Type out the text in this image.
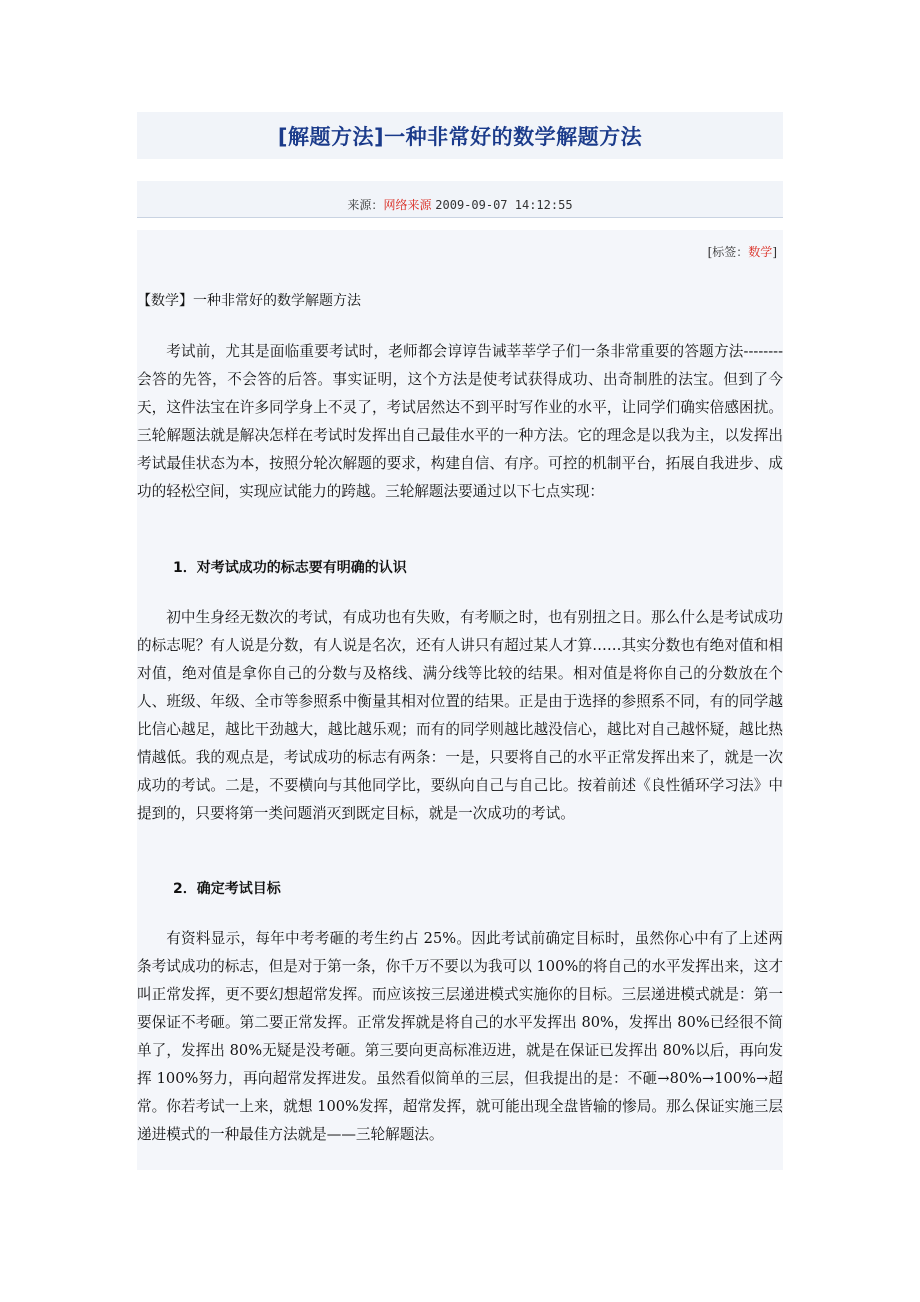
[解题方法]一种非常好的数学解题方法
来源：网络来源 2009-09-07 14:12:55
[标签：数学]
【数学】一种非常好的数学解题方法

考试前，尤其是面临重要考试时，老师都会谆谆告诫莘莘学子们一条非常重要的答题方法--------会答的先答，不会答的后答。事实证明，这个方法是使考试获得成功、出奇制胜的法宝。但到了今天，这件法宝在许多同学身上不灵了，考试居然达不到平时写作业的水平，让同学们确实倍感困扰。三轮解题法就是解决怎样在考试时发挥出自己最佳水平的一种方法。它的理念是以我为主，以发挥出考试最佳状态为本，按照分轮次解题的要求，构建自信、有序。可控的机制平台，拓展自我进步、成功的轻松空间，实现应试能力的跨越。三轮解题法要通过以下七点实现：

1．对考试成功的标志要有明确的认识

初中生身经无数次的考试，有成功也有失败，有考顺之时，也有别扭之日。那么什么是考试成功的标志呢？有人说是分数，有人说是名次，还有人讲只有超过某人才算……其实分数也有绝对值和相对值，绝对值是拿你自己的分数与及格线、满分线等比较的结果。相对值是将你自己的分数放在个人、班级、年级、全市等参照系中衡量其相对位置的结果。正是由于选择的参照系不同，有的同学越比信心越足，越比干劲越大，越比越乐观；而有的同学则越比越没信心，越比对自己越怀疑，越比热情越低。我的观点是，考试成功的标志有两条：一是，只要将自己的水平正常发挥出来了，就是一次成功的考试。二是，不要横向与其他同学比，要纵向自己与自己比。按着前述《良性循环学习法》中提到的，只要将第一类问题消灭到既定目标，就是一次成功的考试。

2．确定考试目标

有资料显示，每年中考考砸的考生约占 25%。因此考试前确定目标时，虽然你心中有了上述两条考试成功的标志，但是对于第一条，你千万不要以为我可以 100%的将自己的水平发挥出来，这才叫正常发挥，更不要幻想超常发挥。而应该按三层递进模式实施你的目标。三层递进模式就是：第一要保证不考砸。第二要正常发挥。正常发挥就是将自己的水平发挥出 80%，发挥出 80%已经很不简单了，发挥出 80%无疑是没考砸。第三要向更高标准迈进，就是在保证已发挥出 80%以后，再向发挥 100%努力，再向超常发挥进发。虽然看似简单的三层，但我提出的是：不砸→80%→100%→超常。你若考试一上来，就想 100%发挥，超常发挥，就可能出现全盘皆输的惨局。那么保证实施三层递进模式的一种最佳方法就是——三轮解题法。
